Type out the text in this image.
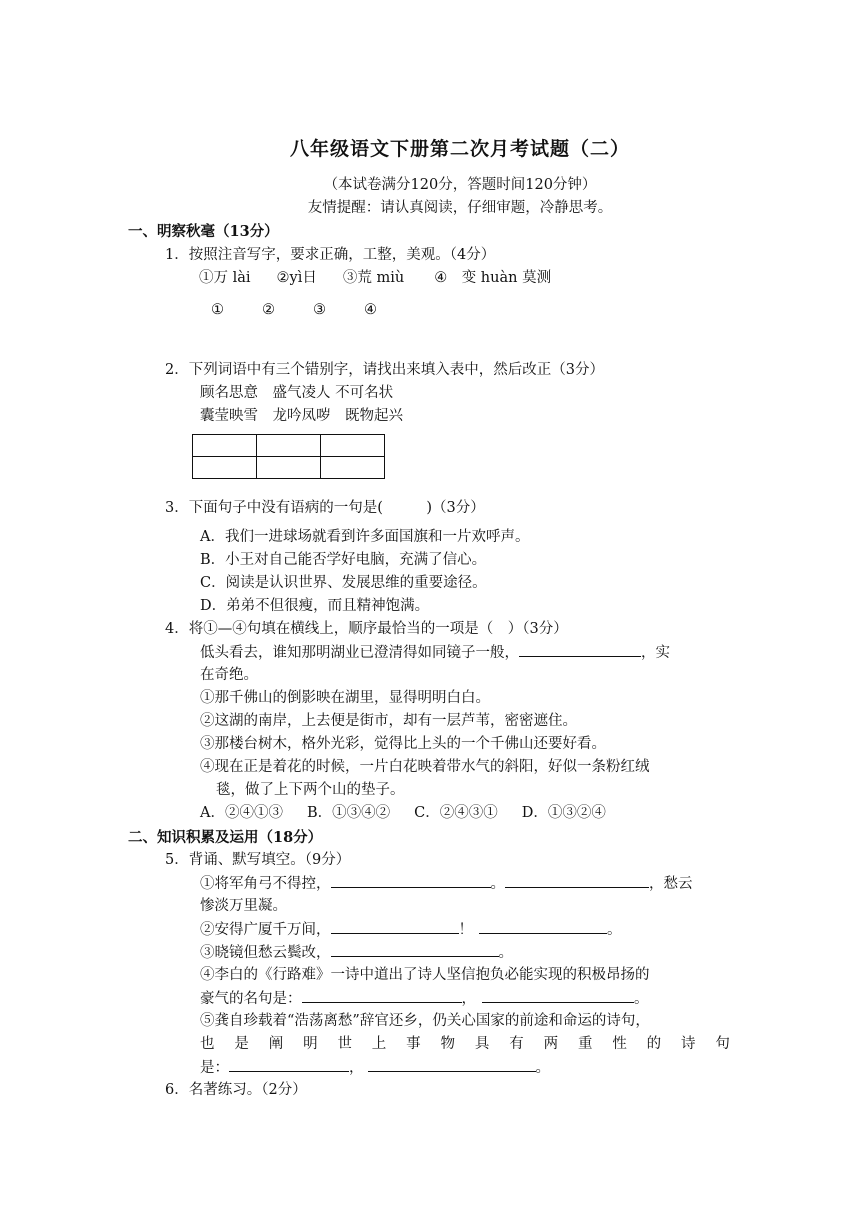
八年级语文下册第二次月考试题（二）
（本试卷满分120分，答题时间120分钟）
友情提醒：请认真阅读，仔细审题，冷静思考。
一、明察秋毫（13分）
1．按照注音写字，要求正确，工整，美观。（4分）
①万 lài ②yì日 ③荒 miù ④　变 huàn 莫测
①	②	③	④
2．下列词语中有三个错别字，请找出来填入表中，然后改正（3分）
顾名思意　盛气凌人 不可名状
囊莹映雪　龙吟凤哕　既物起兴

3．下面句子中没有语病的一句是(　　　)（3分）
A．我们一进球场就看到许多面国旗和一片欢呼声。
B．小王对自己能否学好电脑，充满了信心。
C．阅读是认识世界、发展思维的重要途径。
D．弟弟不但很瘦，而且精神饱满。
4．将①—④句填在横线上，顺序最恰当的一项是（　）（3分）
低头看去，谁知那明湖业已澄清得如同镜子一般，	，实
在奇绝。
①那千佛山的倒影映在湖里，显得明明白白。
②这湖的南岸，上去便是街市，却有一层芦苇，密密遮住。
③那楼台树木，格外光彩，觉得比上头的一个千佛山还要好看。
④现在正是着花的时候，一片白花映着带水气的斜阳，好似一条粉红绒
毯，做了上下两个山的垫子。
A．②④①③ B．①③④② C．②④③① D．①③②④
二、知识积累及运用（18分）
5．背诵、默写填空。（9分）
①将军角弓不得控，	。	，愁云
惨淡万里凝。
②安得广厦千万间，	！	。
③晓镜但愁云鬓改，	。
④李白的《行路难》一诗中道出了诗人坚信抱负必能实现的积极昂扬的
豪气的名句是：	，	。
⑤龚自珍载着“浩荡离愁”辞官还乡，仍关心国家的前途和命运的诗句，
也 是 阐 明 世 上 事 物 具 有 两 重 性 的 诗 句
是：	，	。
6．名著练习。（2分）
